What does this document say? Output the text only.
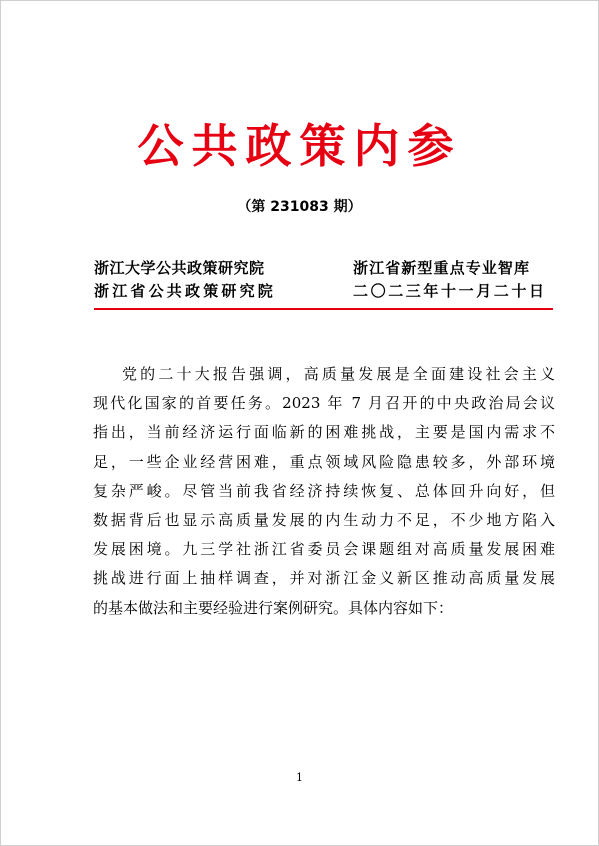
公共政策内参
（第 231083 期）
浙江大学公共政策研究院
浙江省公共政策研究院
浙江省新型重点专业智库
二〇二三年十一月二十日
党的二十大报告强调，高质量发展是全面建设社会主义
现代化国家的首要任务。2023 年 7 月召开的中央政治局会议
指出，当前经济运行面临新的困难挑战，主要是国内需求不
足，一些企业经营困难，重点领域风险隐患较多，外部环境
复杂严峻。尽管当前我省经济持续恢复、总体回升向好，但
数据背后也显示高质量发展的内生动力不足，不少地方陷入
发展困境。九三学社浙江省委员会课题组对高质量发展困难
挑战进行面上抽样调查，并对浙江金义新区推动高质量发展
的基本做法和主要经验进行案例研究。具体内容如下：
1
